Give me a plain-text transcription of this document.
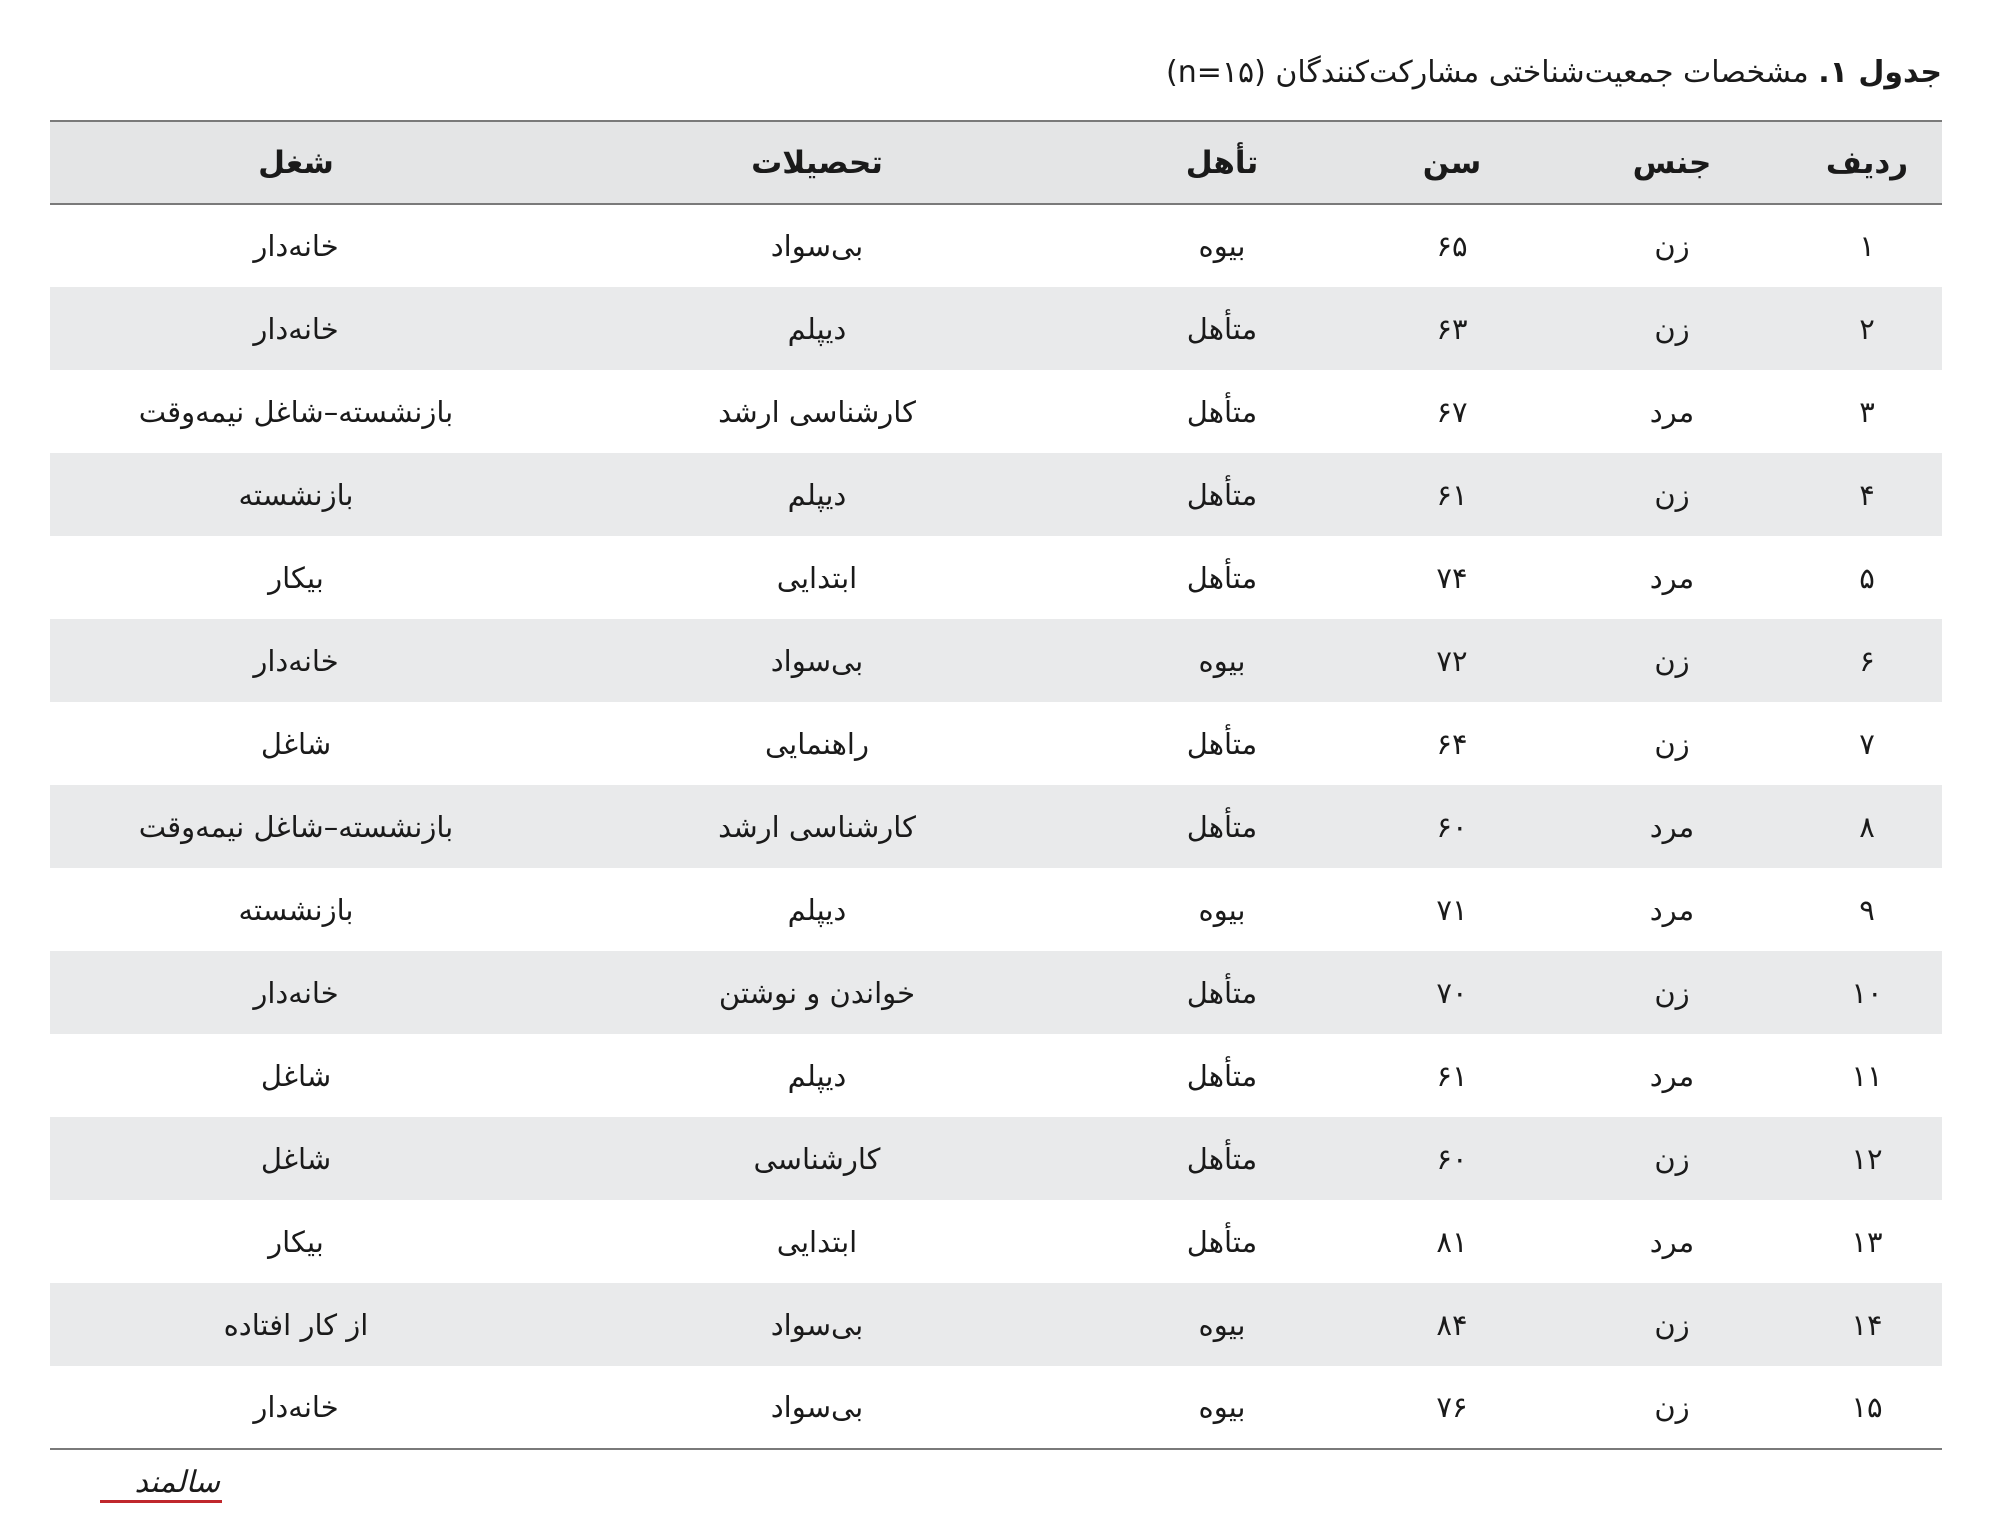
جدول ۱. مشخصات جمعیت‌شناختی مشارکت‌کنندگان (n=۱۵)
ردیف	جنس	سن	تأهل	تحصیلات	شغل
۱	زن	۶۵	بیوه	بی‌سواد	خانه‌دار
۲	زن	۶۳	متأهل	دیپلم	خانه‌دار
۳	مرد	۶۷	متأهل	کارشناسی ارشد	بازنشسته–شاغل نیمه‌وقت
۴	زن	۶۱	متأهل	دیپلم	بازنشسته
۵	مرد	۷۴	متأهل	ابتدایی	بیکار
۶	زن	۷۲	بیوه	بی‌سواد	خانه‌دار
۷	زن	۶۴	متأهل	راهنمایی	شاغل
۸	مرد	۶۰	متأهل	کارشناسی ارشد	بازنشسته–شاغل نیمه‌وقت
۹	مرد	۷۱	بیوه	دیپلم	بازنشسته
۱۰	زن	۷۰	متأهل	خواندن و نوشتن	خانه‌دار
۱۱	مرد	۶۱	متأهل	دیپلم	شاغل
۱۲	زن	۶۰	متأهل	کارشناسی	شاغل
۱۳	مرد	۸۱	متأهل	ابتدایی	بیکار
۱۴	زن	۸۴	بیوه	بی‌سواد	از کار افتاده
۱۵	زن	۷۶	بیوه	بی‌سواد	خانه‌دار
سالمند
